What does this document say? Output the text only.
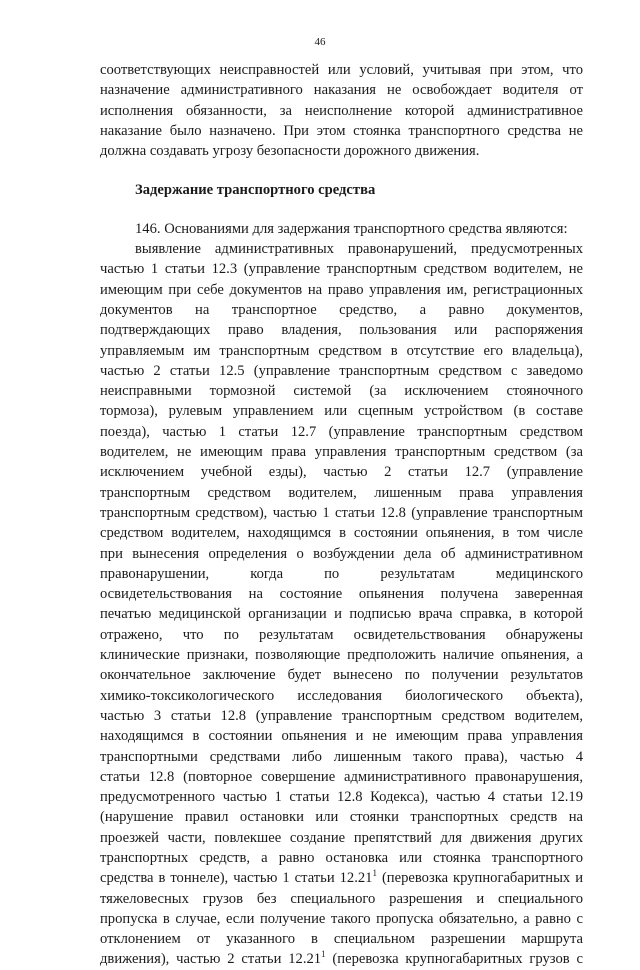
46

соответствующих неисправностей или условий, учитывая при этом, что

назначение административного наказания не освобождает водителя от

исполнения обязанности, за неисполнение которой административное

наказание было назначено. При этом стоянка транспортного средства не

должна создавать угрозу безопасности дорожного движения.

Задержание транспортного средства

146. Основаниями для задержания транспортного средства являются:

выявление административных правонарушений, предусмотренных

частью 1 статьи 12.3 (управление транспортным средством водителем, не

имеющим при себе документов на право управления им, регистрационных

документов на транспортное средство, а равно документов,

подтверждающих право владения, пользования или распоряжения

управляемым им транспортным средством в отсутствие его владельца),

частью 2 статьи 12.5 (управление транспортным средством с заведомо

неисправными тормозной системой (за исключением стояночного

тормоза), рулевым управлением или сцепным устройством (в составе

поезда), частью 1 статьи 12.7 (управление транспортным средством

водителем, не имеющим права управления транспортным средством (за

исключением учебной езды), частью 2 статьи 12.7 (управление

транспортным средством водителем, лишенным права управления

транспортным средством), частью 1 статьи 12.8 (управление транспортным

средством водителем, находящимся в состоянии опьянения, в том числе

при вынесения определения о возбуждении дела об административном

правонарушении, когда по результатам медицинского

освидетельствования на состояние опьянения получена заверенная

печатью медицинской организации и подписью врача справка, в которой

отражено, что по результатам освидетельствования обнаружены

клинические признаки, позволяющие предположить наличие опьянения, а

окончательное заключение будет вынесено по получении результатов

химико-токсикологического исследования биологического объекта),

частью 3 статьи 12.8 (управление транспортным средством водителем,

находящимся в состоянии опьянения и не имеющим права управления

транспортными средствами либо лишенным такого права), частью 4

статьи 12.8 (повторное совершение административного правонарушения,

предусмотренного частью 1 статьи 12.8 Кодекса), частью 4 статьи 12.19

(нарушение правил остановки или стоянки транспортных средств на

проезжей части, повлекшее создание препятствий для движения других

транспортных средств, а равно остановка или стоянка транспортного

средства в тоннеле), частью 1 статьи 12.21$^1$ (перевозка крупногабаритных и

тяжеловесных грузов без специального разрешения и специального

пропуска в случае, если получение такого пропуска обязательно, а равно с

отклонением от указанного в специальном разрешении маршрута

движения), частью 2 статьи 12.21$^1$ (перевозка крупногабаритных грузов с
